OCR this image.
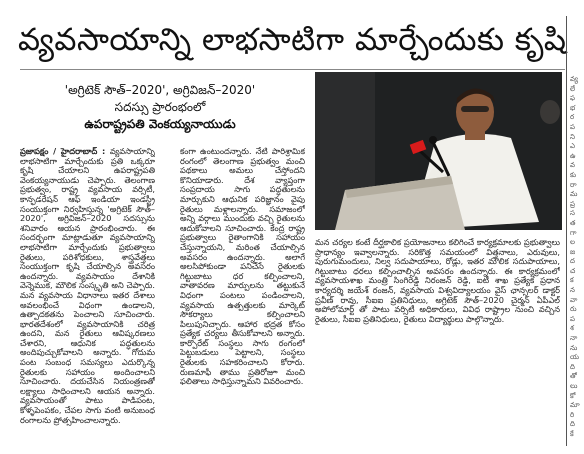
వ్యవసాయాన్ని లాభసాటిగా మార్చేందుకు కృషి
'అగ్రిటెక్ సౌత్–2020', అగ్రివిజన్–2020'
సదస్సు ప్రారంభంలో
ఉపరాష్ట్రపతి వెంకయ్యనాయుడు
ప్రజాపక్షం / హైదరాబాద్ : వ్యవసాయాన్ని లాభసాటిగా మార్చేందుకు ప్రతి ఒక్కరూ కృషి చేయాలని ఉపరాష్ట్రపతి వెంకయ్యనాయుడు చెప్పారు. తెలంగాణ ప్రభుత్వం, రాష్ట్ర వ్యవసాయ వర్సిటీ, కాన్ఫడరేషన్ ఆఫ్ ఇండియా ఇండస్ట్రీ సంయుక్తంగా నిర్వహిస్తున్న 'అగ్రిటెక్ సౌత్–2020', అగ్రివిజన్–2020 సదస్సును శనివారం ఆయన ప్రారంభించారు. ఈ సందర్భంగా మాట్లాడుతూ వ్యవసాయాన్ని లాభసాటిగా మార్చేందుకు ప్రభుత్వాలు రైతులు, పరిశోధకులు, శాస్త్రవేత్తలు సంయుక్తంగా కృషి చేయాల్సిన అవసరం ఉందన్నారు. వ్యవసాయం దేశానికి వెన్నెముక, మౌలిక సంస్కృతి అని చెప్పారు. మన వ్యవసాయ విధానాలు ఇతర దేశాలు అవలంభించే విధంగా ఉండాలని, ఉత్పాదకతను పెంచాలని సూచించారు. భారతదేశంలో వ్యవసాయానికి చరిత్ర ఉందని, మన రైతులు ఆవిష్కరణలు చేశారని, ఆధునిక పద్ధతులను అందిపుచ్చుకోవాలని అన్నారు. గోదుమ పంట సంబంధ సమస్యలు ఎదుర్కొన్న రైతులకు సహాయం అందించాలని సూచించారు. దయచేసిన నియంత్రణతో లక్ష్యాలు సాధించాలని ఆయన అన్నారు. వ్యవసాయంతో పాటు పాడిపంట, కోళ్ళపెంపకం, చేపల సాగు వంటి అనుబంధ రంగాలను ప్రోత్సహించాలన్నారు.
కంగా ఉంటుందన్నారు. నేటి పారిశ్రామిక రంగంలో తెలంగాణ ప్రభుత్వం మంచి పథకాలు అమలు చేస్తోందని కొనియాడారు. దేశ వ్యాప్తంగా సంప్రదాయ సాగు పద్ధతులను మార్చుకుని ఆధునిక పరిజ్ఞానం వైపు రైతులు మళ్లాలన్నారు. సమాజంలో అన్ని వర్గాలు ముందుకు వచ్చి రైతులను ఆదుకోవాలని సూచించారు. కేంద్ర రాష్ట్ర ప్రభుత్వాలు రైతాంగానికి సహాయం చేస్తున్నాయని, మరింత చేయాల్సిన అవసరం ఉందన్నారు. అలాగే అలసిపోకుండా పనిచేసే రైతులకు గిట్టుబాటు ధర కల్పించాలని, వాతావరణ మార్పులను తట్టుకునే విధంగా పంటలు పండించాలని, వ్యవసాయ ఉత్పత్తులకు మార్కెట్ సౌకర్యాలు కల్పించాలని పిలుపునిచ్చారు. ఆహార భద్రత కోసం ప్రత్యేక చర్యలు తీసుకోవాలని అన్నారు. కార్పొరేట్ సంస్థలు సాగు రంగంలో పెట్టుబడులు పెట్టాలని, సంస్థలు రైతులకు సహకరించాలని కోరారు. రుణమాఫీ తాము ప్రతిరోజూ మంచి ఫలితాలు సాధిస్తున్నామని వివరించారు.
మన చర్యల కంటే దీర్ఘకాలిక ప్రయోజనాలు కలిగించే కార్యక్రమాలకు ప్రభుత్వాలు ప్రాధాన్యం ఇవ్వాలన్నారు. సరికొత్త సమయంలో విత్తనాలు, ఎరువులు, పురుగుమందులు, నిల్వ సదుపాయాలు, రోడ్లు, ఇతర మౌలిక సదుపాయాలు, గిట్టుబాటు ధరలు కల్పించాల్సిన అవసరం ఉందన్నారు. ఈ కార్యక్రమంలో వ్యవసాయశాఖ మంత్రి సింగిరెడ్డి నిరంజన్ రెడ్డి, ఐటి శాఖ ప్రత్యేక ప్రధాన కార్యదర్శి జయేశ్ రంజన్, వ్యవసాయ విశ్వవిద్యాలయం వైస్ ఛాన్సలర్ డాక్టర్ ప్రవీణ్ రావు, సీఐఐ ప్రతినిధులు, అగ్రిటెక్ సౌత్–2020 చైర్మన్ ఏపీఎల్ అపోలోమార్ట్ తో పాటు వర్సిటీ అధికారులు, వివిధ రాష్ట్రాల నుంచి వచ్చిన రైతులు, సీఐఐ ప్రతినిధులు, రైతులు విద్యార్థులు పాల్గొన్నారు.
వ్య
లే
ఫ
భ
ర
ప
ని
ఎ
ఉ
వ
కు
రా
మ
ప్ర
స
త
గా
ల
జ
ద
చ
క
న
వా
రు
ప
శ
నా
ను
య
ది
తో
లు
కో
మా
రి
ది
కే
